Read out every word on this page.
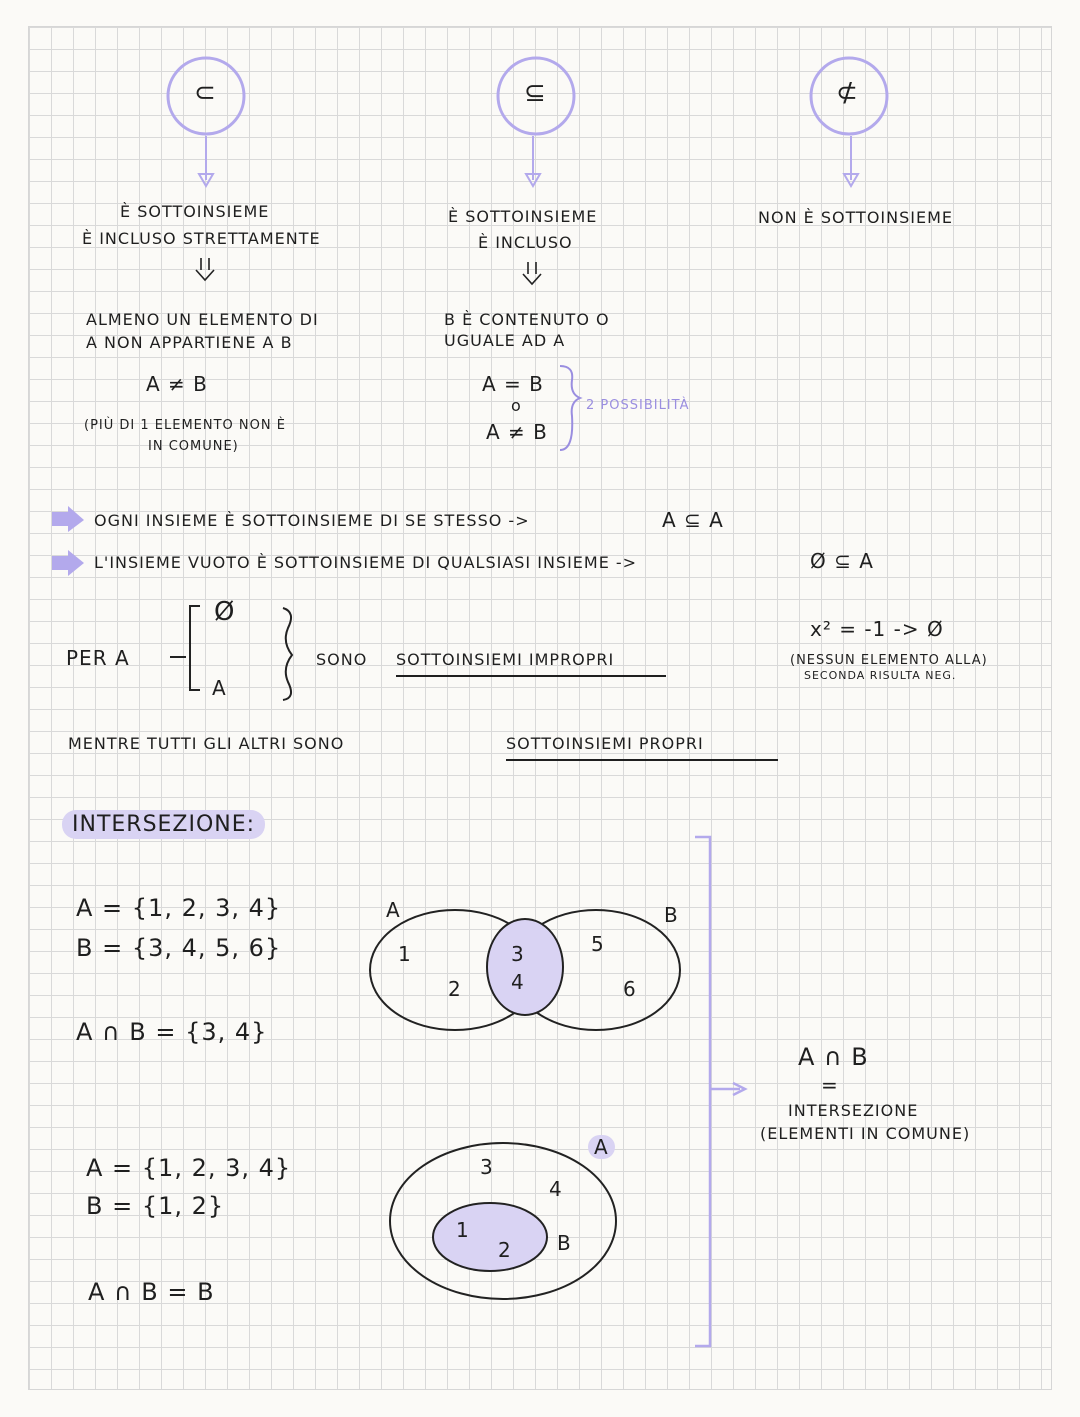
⊂
È SOTTOINSIEME
È INCLUSO STRETTAMENTE
ALMENO UN ELEMENTO DI
A NON APPARTIENE A B
A ≠ B
(PIÙ DI 1 ELEMENTO NON È
IN COMUNE)
⊆
È SOTTOINSIEME
È INCLUSO
B È CONTENUTO O
UGUALE AD A
A = B
o
A ≠ B
2 POSSIBILITÀ
⊄
NON È SOTTOINSIEME
OGNI INSIEME È SOTTOINSIEME DI SE STESSO ->	A ⊆ A
L'INSIEME VUOTO È SOTTOINSIEME DI QUALSIASI INSIEME ->	Ø ⊆ A
PER A
Ø
A
SONO SOTTOINSIEMI IMPROPRI
x² = -1 -> Ø
(NESSUN ELEMENTO ALLA)
SECONDA RISULTA NEG.
MENTRE TUTTI GLI ALTRI SONO	SOTTOINSIEMI PROPRI
INTERSEZIONE:
A = {1, 2, 3, 4}
B = {3, 4, 5, 6}
A ∩ B = {3, 4}
A	B
1
2
3
4
5
6
A ∩ B
=
INTERSEZIONE
(ELEMENTI IN COMUNE)
A = {1, 2, 3, 4}
B = {1, 2}
A ∩ B = B
A
3
4
1
2 B
